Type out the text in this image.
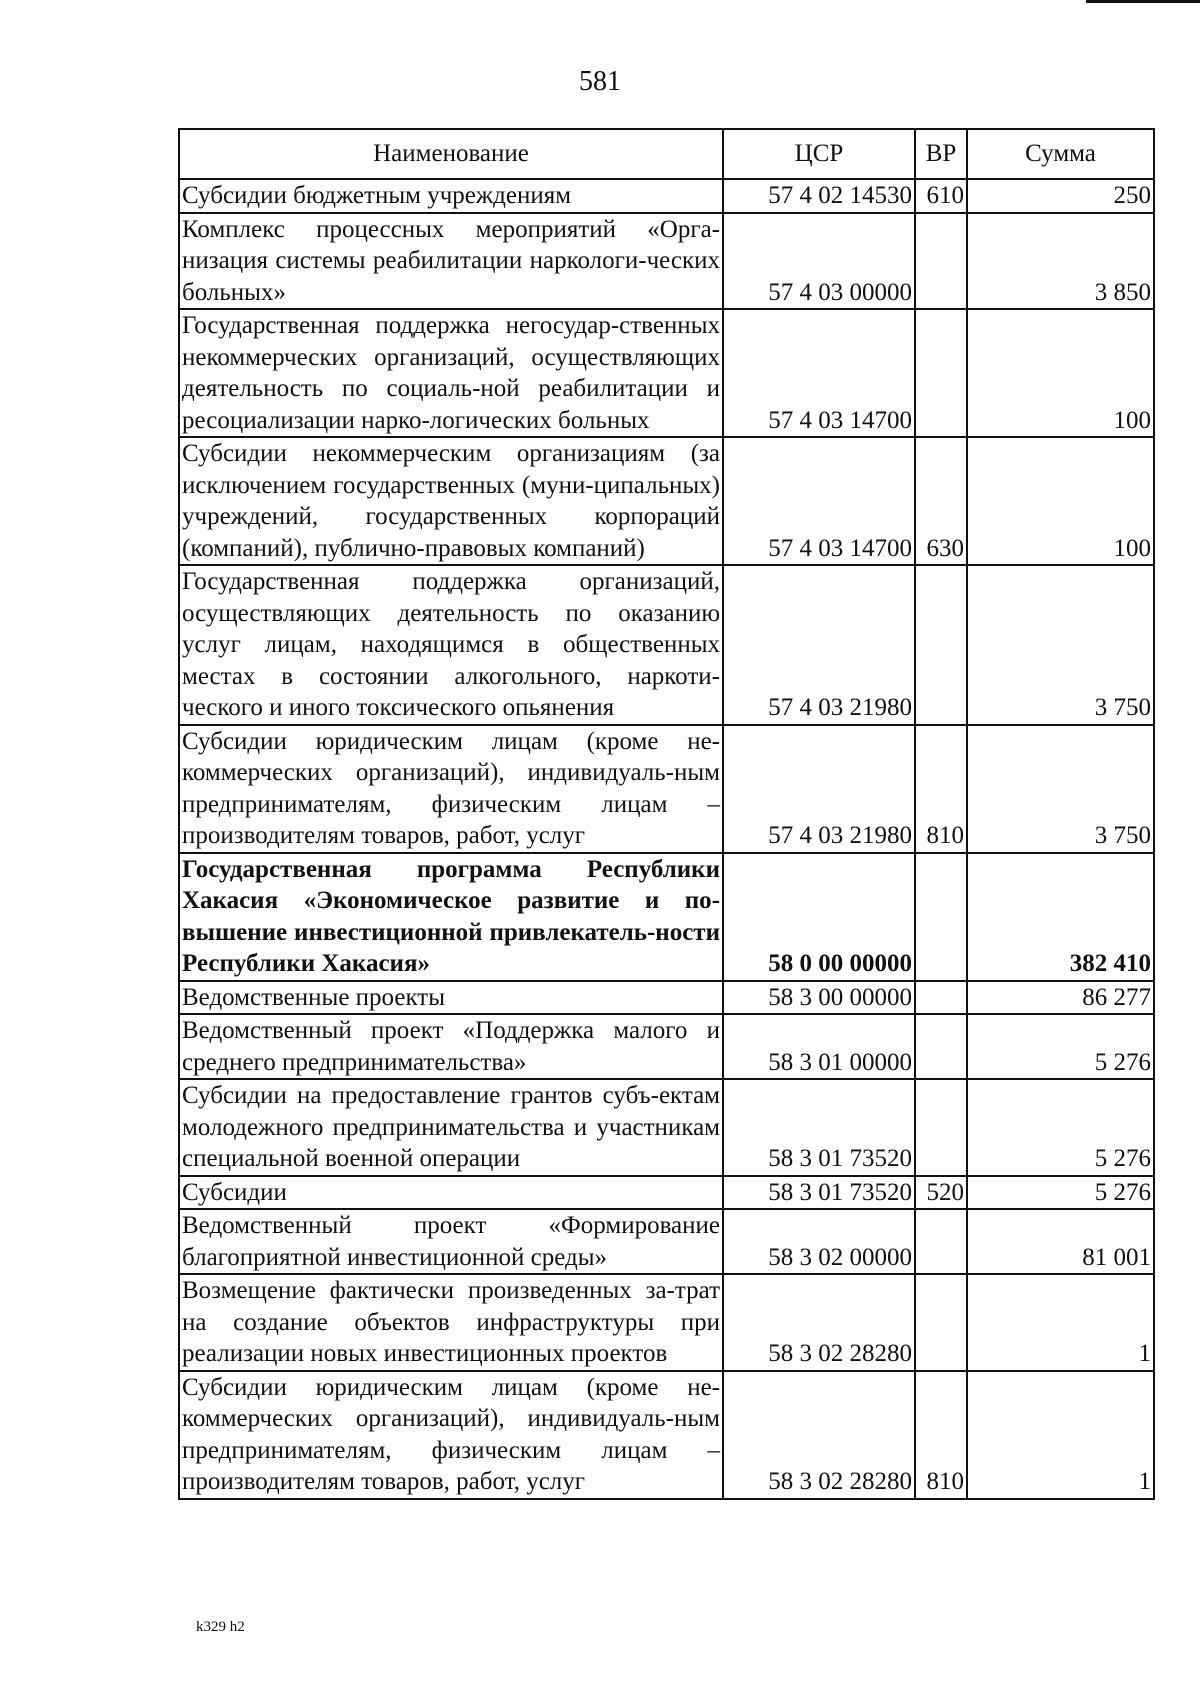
581
Наименование	ЦСР	ВР	Сумма
Субсидии бюджетным учреждениям	57 4 02 14530	610	250
Комплекс процессных мероприятий «Орга-низация системы реабилитации наркологи-ческих больных»	57 4 03 00000		3 850
Государственная поддержка негосудар-ственных некоммерческих организаций, осуществляющих деятельность по социаль-ной реабилитации и ресоциализации нарко-логических больных	57 4 03 14700		100
Субсидии некоммерческим организациям (за исключением государственных (муни-ципальных) учреждений, государственных корпораций (компаний), публично-правовых компаний)	57 4 03 14700	630	100
Государственная поддержка организаций, осуществляющих деятельность по оказанию услуг лицам, находящимся в общественных местах в состоянии алкогольного, наркоти-ческого и иного токсического опьянения	57 4 03 21980		3 750
Субсидии юридическим лицам (кроме не-коммерческих организаций), индивидуаль-ным предпринимателям, физическим лицам – производителям товаров, работ, услуг	57 4 03 21980	810	3 750
Государственная программа Республики Хакасия «Экономическое развитие и по-вышение инвестиционной привлекатель-ности Республики Хакасия»	58 0 00 00000		382 410
Ведомственные проекты	58 3 00 00000		86 277
Ведомственный проект «Поддержка малого и среднего предпринимательства»	58 3 01 00000		5 276
Субсидии на предоставление грантов субъ-ектам молодежного предпринимательства и участникам специальной военной операции	58 3 01 73520		5 276
Субсидии	58 3 01 73520	520	5 276
Ведомственный проект «Формирование благоприятной инвестиционной среды»	58 3 02 00000		81 001
Возмещение фактически произведенных за-трат на создание объектов инфраструктуры при реализации новых инвестиционных проектов	58 3 02 28280		1
Субсидии юридическим лицам (кроме не-коммерческих организаций), индивидуаль-ным предпринимателям, физическим лицам – производителям товаров, работ, услуг	58 3 02 28280	810	1
k329 h2
